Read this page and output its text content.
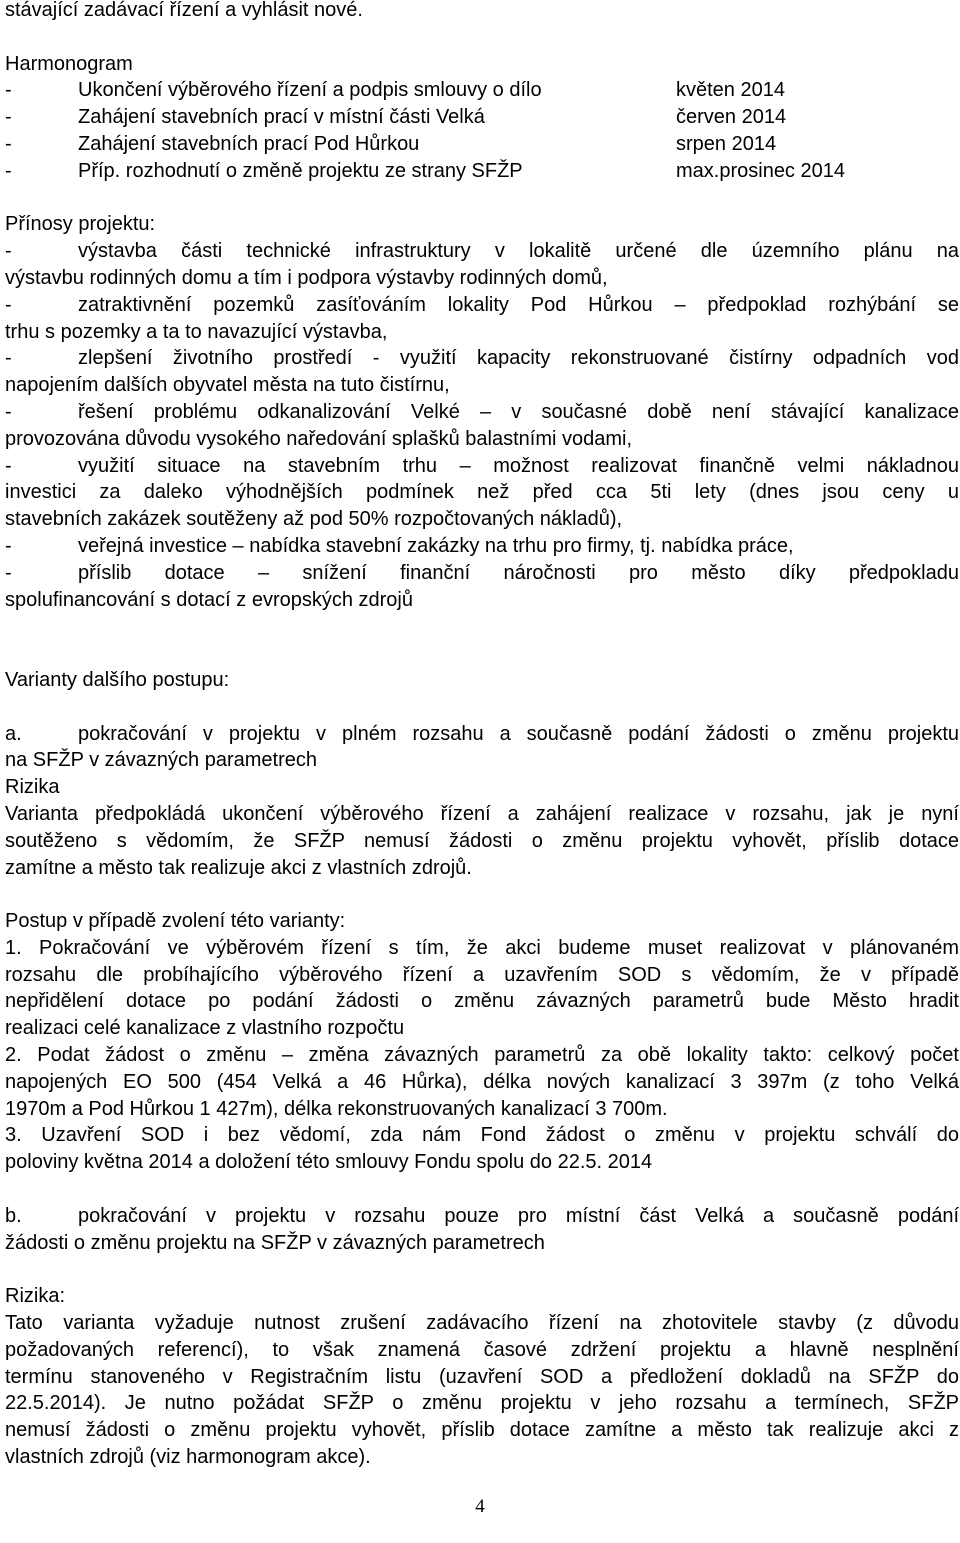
stávající zadávací řízení a vyhlásit nové.
Harmonogram
-	Ukončení výběrového řízení a podpis smlouvy o dílo	květen 2014
-	Zahájení stavebních prací v místní části Velká	červen 2014
-	Zahájení stavebních prací Pod Hůrkou	srpen 2014
-	Příp. rozhodnutí o změně projektu ze strany SFŽP	max.prosinec 2014
Přínosy projektu:
-	výstavba části technické infrastruktury v lokalitě určené dle územního plánu na
výstavbu rodinných domu a tím i podpora výstavby rodinných domů,
-	zatraktivnění pozemků zasíťováním lokality Pod Hůrkou – předpoklad rozhýbání se
trhu s pozemky a ta to navazující výstavba,
-	zlepšení životního prostředí - využití kapacity rekonstruované čistírny odpadních vod
napojením dalších obyvatel města na tuto čistírnu,
-	řešení problému odkanalizování Velké – v současné době není stávající kanalizace
provozována důvodu vysokého naředování splašků balastními vodami,
-	využití situace na stavebním trhu – možnost realizovat finančně velmi nákladnou
investici za daleko výhodnějších podmínek než před cca 5ti lety (dnes jsou ceny u
stavebních zakázek soutěženy až pod 50% rozpočtovaných nákladů),
-	veřejná investice – nabídka stavební zakázky na trhu pro firmy, tj. nabídka práce,
-	příslib dotace – snížení finanční náročnosti pro město díky předpokladu
spolufinancování s dotací z evropských zdrojů
Varianty dalšího postupu:
a.	pokračování v projektu v plném rozsahu a současně podání žádosti o změnu projektu
na SFŽP v závazných parametrech
Rizika
Varianta předpokládá ukončení výběrového řízení a zahájení realizace v rozsahu, jak je nyní
soutěženo s vědomím, že SFŽP nemusí žádosti o změnu projektu vyhovět, příslib dotace
zamítne a město tak realizuje akci z vlastních zdrojů.
Postup v případě zvolení této varianty:
1. Pokračování ve výběrovém řízení s tím, že akci budeme muset realizovat v plánovaném
rozsahu dle probíhajícího výběrového řízení a uzavřením SOD s vědomím, že v případě
nepřidělení dotace po podání žádosti o změnu závazných parametrů bude Město hradit
realizaci celé kanalizace z vlastního rozpočtu
2. Podat žádost o změnu – změna závazných parametrů za obě lokality takto: celkový počet
napojených EO 500 (454 Velká a 46 Hůrka), délka nových kanalizací 3 397m (z toho Velká
1970m a Pod Hůrkou 1 427m), délka rekonstruovaných kanalizací 3 700m.
3. Uzavření SOD i bez vědomí, zda nám Fond žádost o změnu v projektu schválí do
poloviny května 2014 a doložení této smlouvy Fondu spolu do 22.5. 2014
b.	pokračování v projektu v rozsahu pouze pro místní část Velká a současně podání
žádosti o změnu projektu na SFŽP v závazných parametrech
Rizika:
Tato varianta vyžaduje nutnost zrušení zadávacího řízení na zhotovitele stavby (z důvodu
požadovaných referencí), to však znamená časové zdržení projektu a hlavně nesplnění
termínu stanoveného v Registračním listu (uzavření SOD a předložení dokladů na SFŽP do
22.5.2014). Je nutno požádat SFŽP o změnu projektu v jeho rozsahu a termínech, SFŽP
nemusí žádosti o změnu projektu vyhovět, příslib dotace zamítne a město tak realizuje akci z
vlastních zdrojů (viz harmonogram akce).
4
